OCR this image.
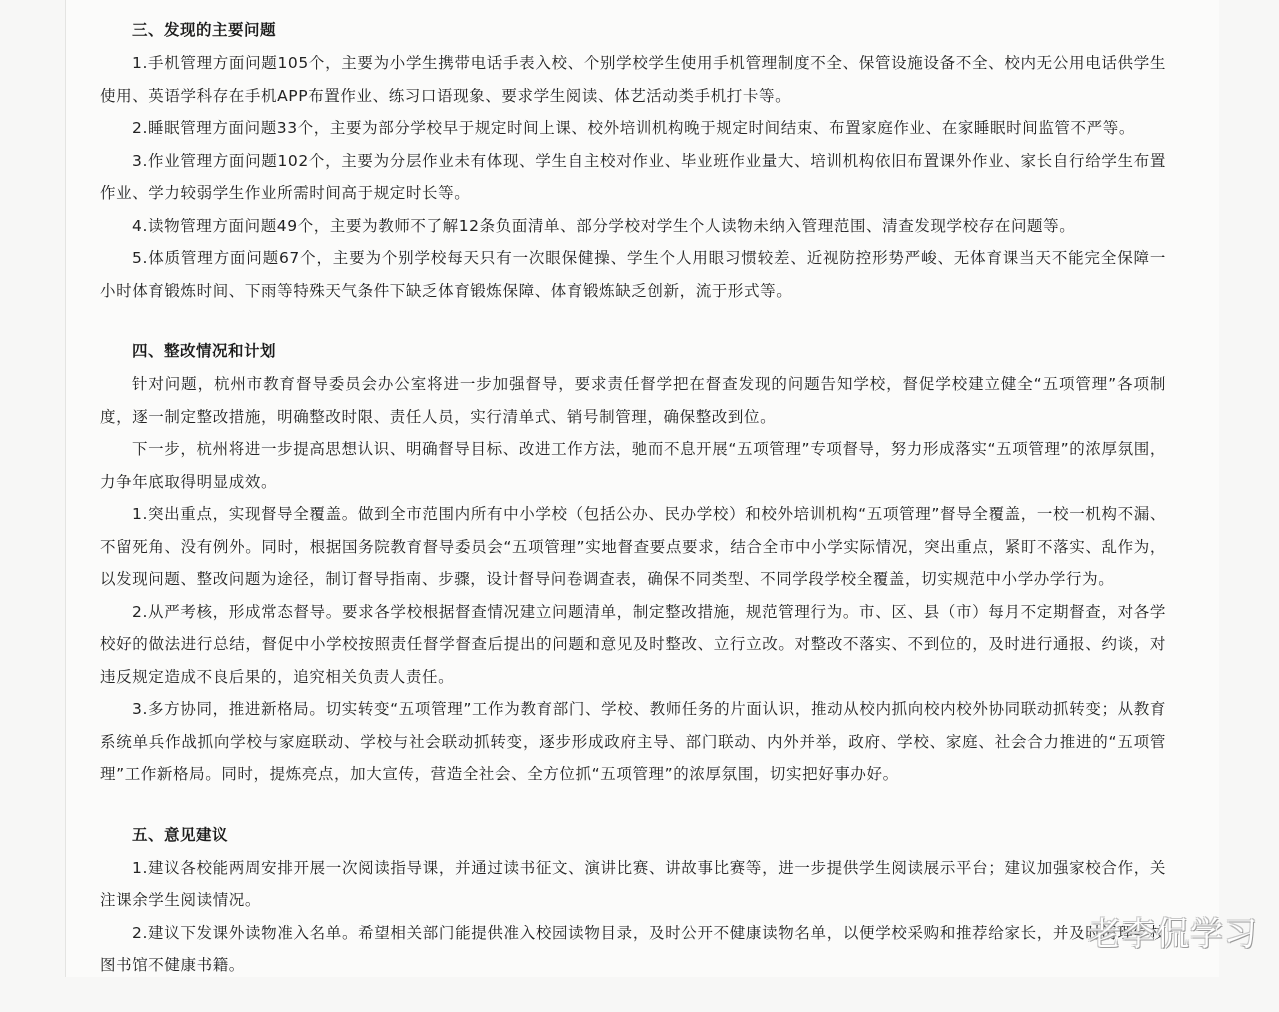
三、发现的主要问题

1.手机管理方面问题105个，主要为小学生携带电话手表入校、个别学校学生使用手机管理制度不全、保管设施设备不全、校内无公用电话供学生使用、英语学科存在手机APP布置作业、练习口语现象、要求学生阅读、体艺活动类手机打卡等。

2.睡眠管理方面问题33个，主要为部分学校早于规定时间上课、校外培训机构晚于规定时间结束、布置家庭作业、在家睡眠时间监管不严等。

3.作业管理方面问题102个，主要为分层作业未有体现、学生自主校对作业、毕业班作业量大、培训机构依旧布置课外作业、家长自行给学生布置作业、学力较弱学生作业所需时间高于规定时长等。

4.读物管理方面问题49个，主要为教师不了解12条负面清单、部分学校对学生个人读物未纳入管理范围、清查发现学校存在问题等。

5.体质管理方面问题67个，主要为个别学校每天只有一次眼保健操、学生个人用眼习惯较差、近视防控形势严峻、无体育课当天不能完全保障一小时体育锻炼时间、下雨等特殊天气条件下缺乏体育锻炼保障、体育锻炼缺乏创新，流于形式等。

四、整改情况和计划

针对问题，杭州市教育督导委员会办公室将进一步加强督导，要求责任督学把在督查发现的问题告知学校，督促学校建立健全“五项管理”各项制度，逐一制定整改措施，明确整改时限、责任人员，实行清单式、销号制管理，确保整改到位。

下一步，杭州将进一步提高思想认识、明确督导目标、改进工作方法，驰而不息开展“五项管理”专项督导，努力形成落实“五项管理”的浓厚氛围，力争年底取得明显成效。

1.突出重点，实现督导全覆盖。做到全市范围内所有中小学校（包括公办、民办学校）和校外培训机构“五项管理”督导全覆盖，一校一机构不漏、不留死角、没有例外。同时，根据国务院教育督导委员会“五项管理”实地督查要点要求，结合全市中小学实际情况，突出重点，紧盯不落实、乱作为，以发现问题、整改问题为途径，制订督导指南、步骤，设计督导问卷调查表，确保不同类型、不同学段学校全覆盖，切实规范中小学办学行为。

2.从严考核，形成常态督导。要求各学校根据督查情况建立问题清单，制定整改措施，规范管理行为。市、区、县（市）每月不定期督查，对各学校好的做法进行总结，督促中小学校按照责任督学督查后提出的问题和意见及时整改、立行立改。对整改不落实、不到位的，及时进行通报、约谈，对违反规定造成不良后果的，追究相关负责人责任。

3.多方协同，推进新格局。切实转变“五项管理”工作为教育部门、学校、教师任务的片面认识，推动从校内抓向校内校外协同联动抓转变；从教育系统单兵作战抓向学校与家庭联动、学校与社会联动抓转变，逐步形成政府主导、部门联动、内外并举，政府、学校、家庭、社会合力推进的“五项管理”工作新格局。同时，提炼亮点，加大宣传，营造全社会、全方位抓“五项管理”的浓厚氛围，切实把好事办好。

五、意见建议

1.建议各校能两周安排开展一次阅读指导课，并通过读书征文、演讲比赛、讲故事比赛等，进一步提供学生阅读展示平台；建议加强家校合作，关注课余学生阅读情况。

2.建议下发课外读物准入名单。希望相关部门能提供准入校园读物目录，及时公开不健康读物名单，以便学校采购和推荐给家长，并及时清理学校图书馆不健康书籍。

老李侃学习
